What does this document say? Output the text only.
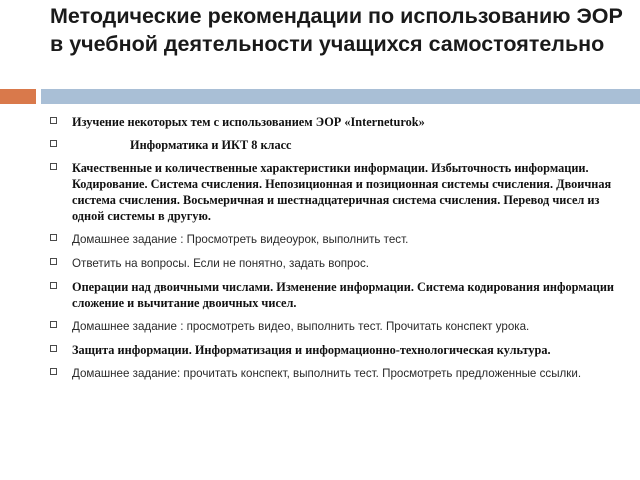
Методические рекомендации по использованию ЭОР в учебной деятельности учащихся самостоятельно
Изучение некоторых тем с использованием ЭОР «Interneturok»
Информатика и ИКТ 8 класс
Качественные и количественные характеристики информации. Избыточность информации. Кодирование. Система счисления. Непозиционная и позиционная системы счисления. Двоичная система счисления. Восьмеричная и шестнадцатеричная система счисления. Перевод чисел из одной системы в другую.
Домашнее задание : Просмотреть видеоурок, выполнить тест.
Ответить на вопросы. Если не понятно, задать вопрос.
Операции над двоичными числами. Изменение информации. Система кодирования информации сложение и вычитание двоичных чисел.
Домашнее задание : просмотреть видео, выполнить тест. Прочитать конспект урока.
Защита информации. Информатизация и информационно-технологическая культура.
Домашнее задание: прочитать конспект, выполнить тест. Просмотреть предложенные ссылки.
